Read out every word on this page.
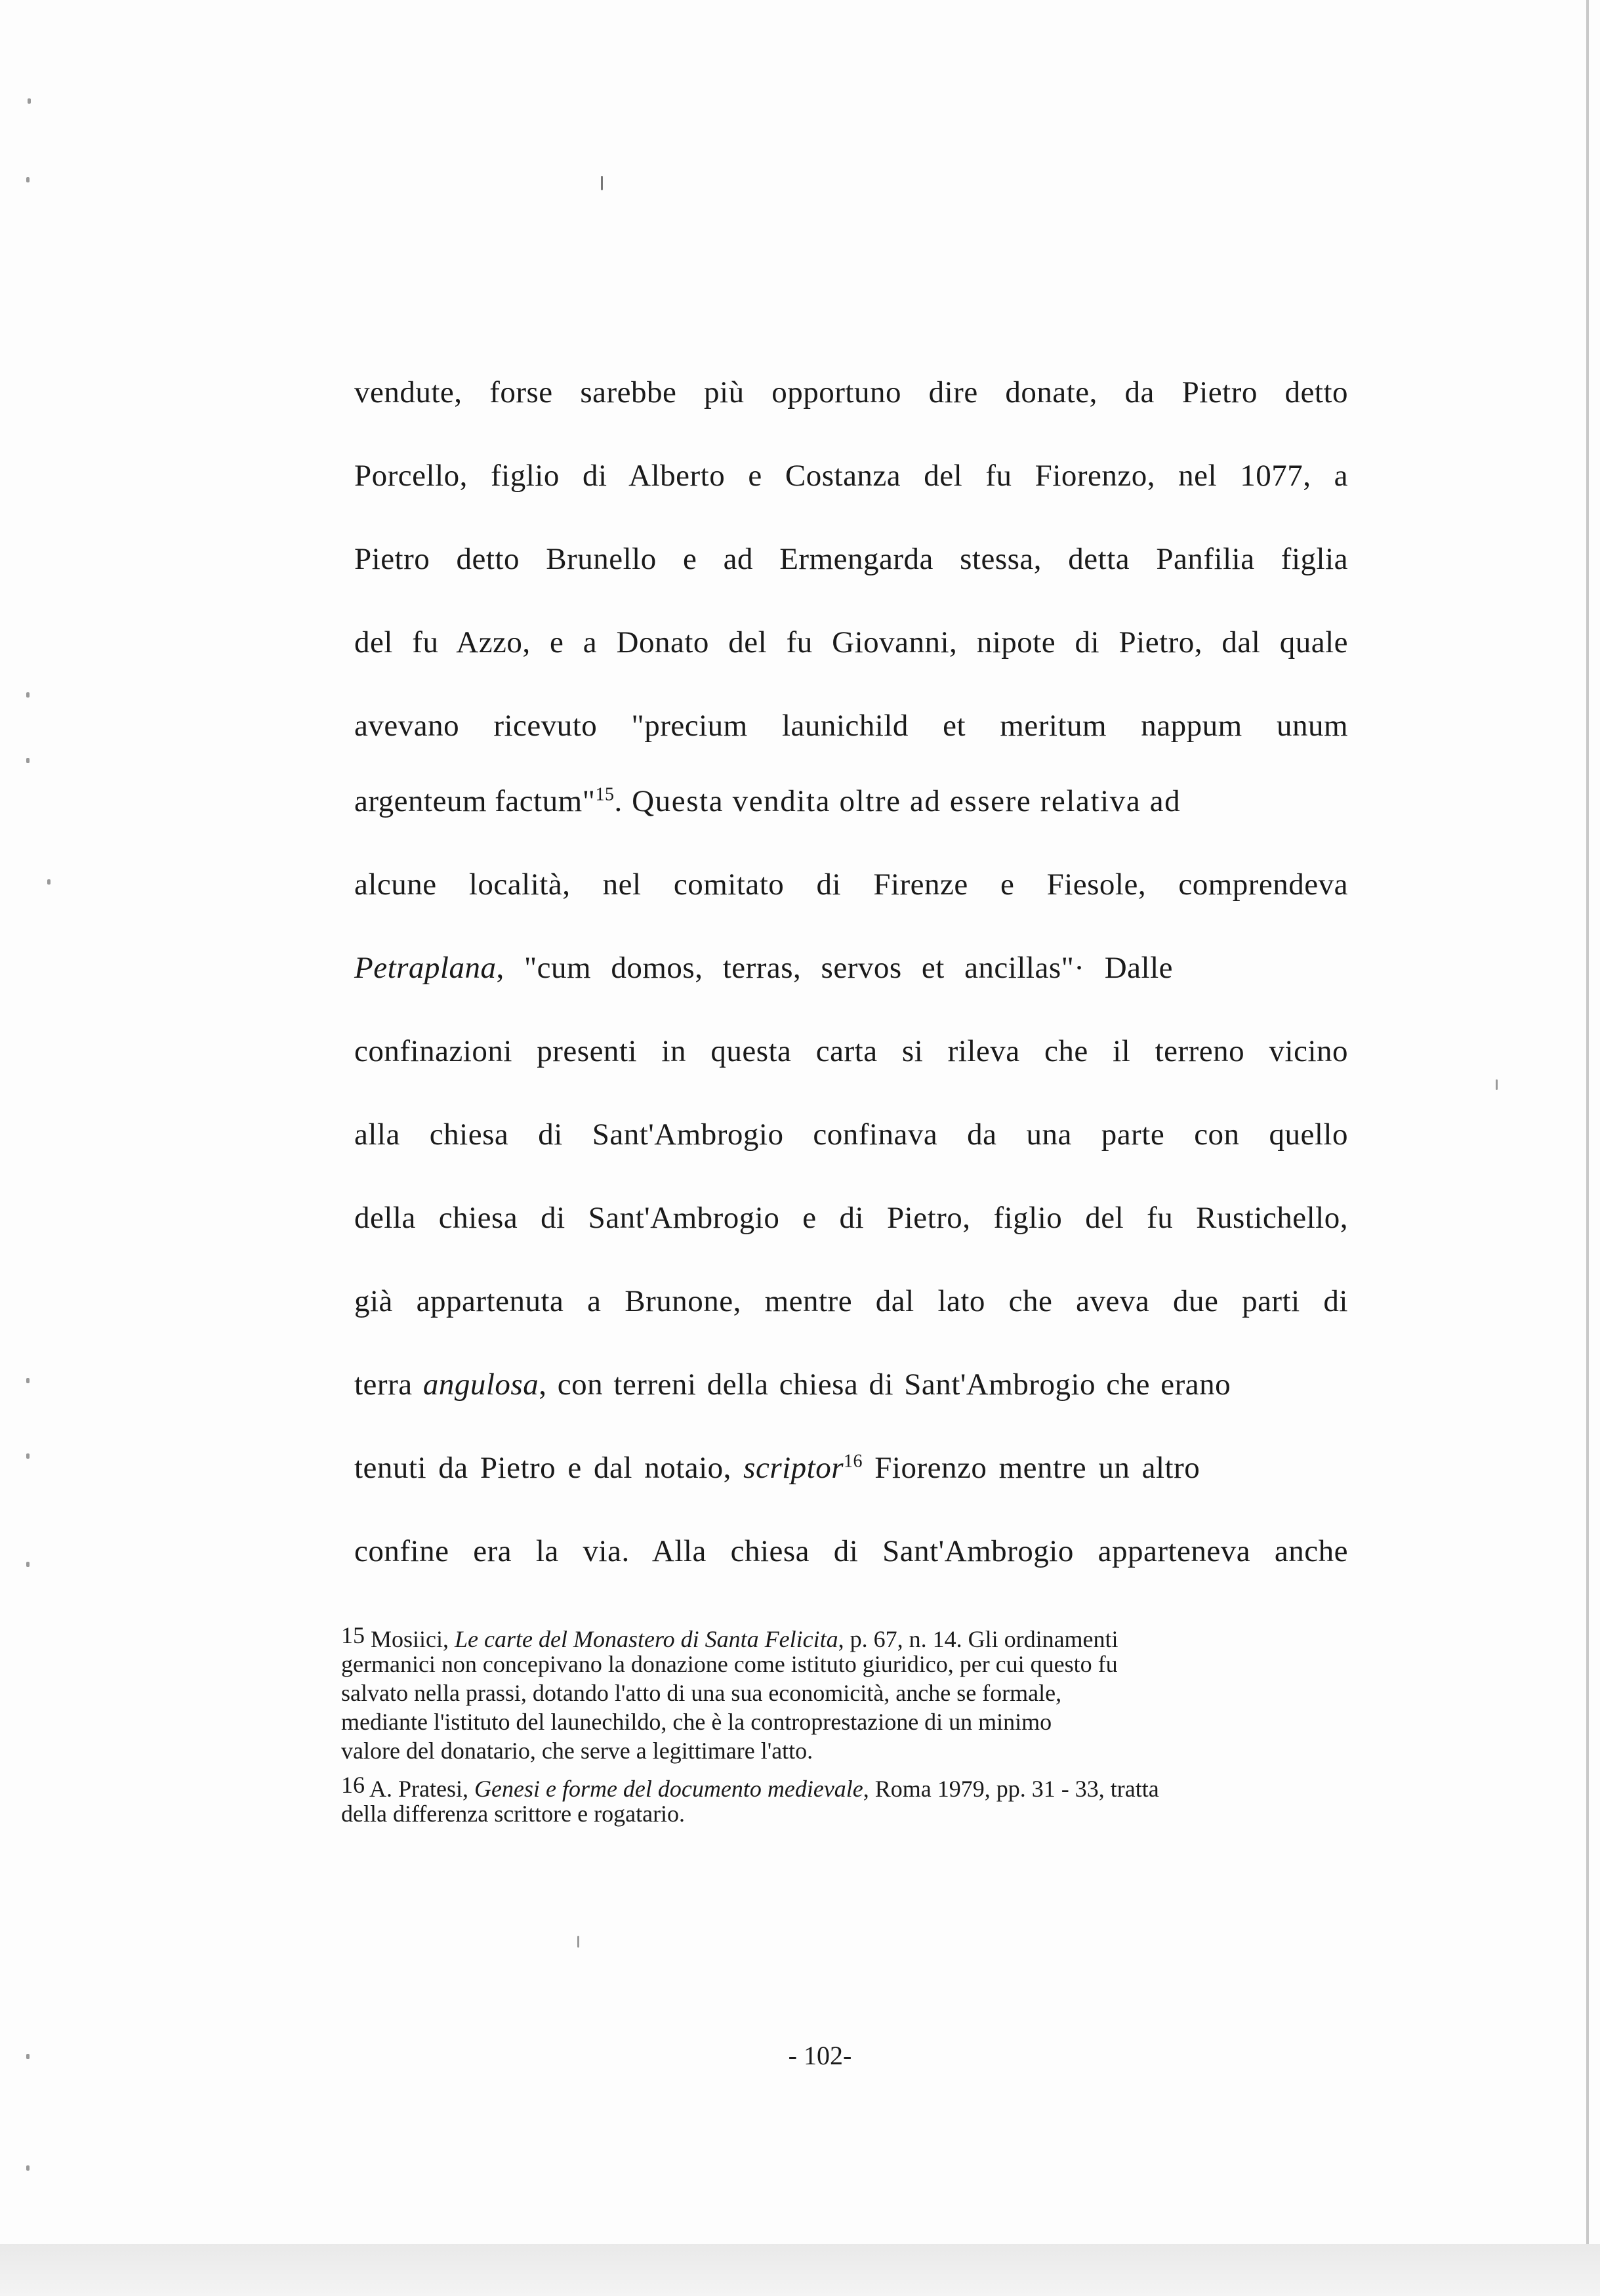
vendute, forse sarebbe più opportuno dire donate, da Pietro detto
Porcello, figlio di Alberto e Costanza del fu Fiorenzo, nel 1077, a
Pietro detto Brunello e ad Ermengarda stessa, detta Panfilia figlia
del fu Azzo, e a Donato del fu Giovanni, nipote di Pietro, dal quale
avevano ricevuto "precium launichild et meritum nappum unum
argenteum factum"$^{15}$. Questa vendita oltre ad essere relativa ad
alcune località, nel comitato di Firenze e Fiesole, comprendeva
Petraplana, "cum domos, terras, servos et ancillas"· Dalle
confinazioni presenti in questa carta si rileva che il terreno vicino
alla chiesa di Sant'Ambrogio confinava da una parte con quello
della chiesa di Sant'Ambrogio e di Pietro, figlio del fu Rustichello,
già appartenuta a Brunone, mentre dal lato che aveva due parti di
terra angulosa, con terreni della chiesa di Sant'Ambrogio che erano
tenuti da Pietro e dal notaio, scriptor$^{16}$ Fiorenzo mentre un altro
confine era la via. Alla chiesa di Sant'Ambrogio apparteneva anche
15 Mosiici, Le carte del Monastero di Santa Felicita, p. 67, n. 14. Gli ordinamenti
germanici non concepivano la donazione come istituto giuridico, per cui questo fu
salvato nella prassi, dotando l'atto di una sua economicità, anche se formale,
mediante l'istituto del launechildo, che è la controprestazione di un minimo
valore del donatario, che serve a legittimare l'atto.
16 A. Pratesi, Genesi e forme del documento medievale, Roma 1979, pp. 31 - 33, tratta
della differenza scrittore e rogatario.
- 102-
